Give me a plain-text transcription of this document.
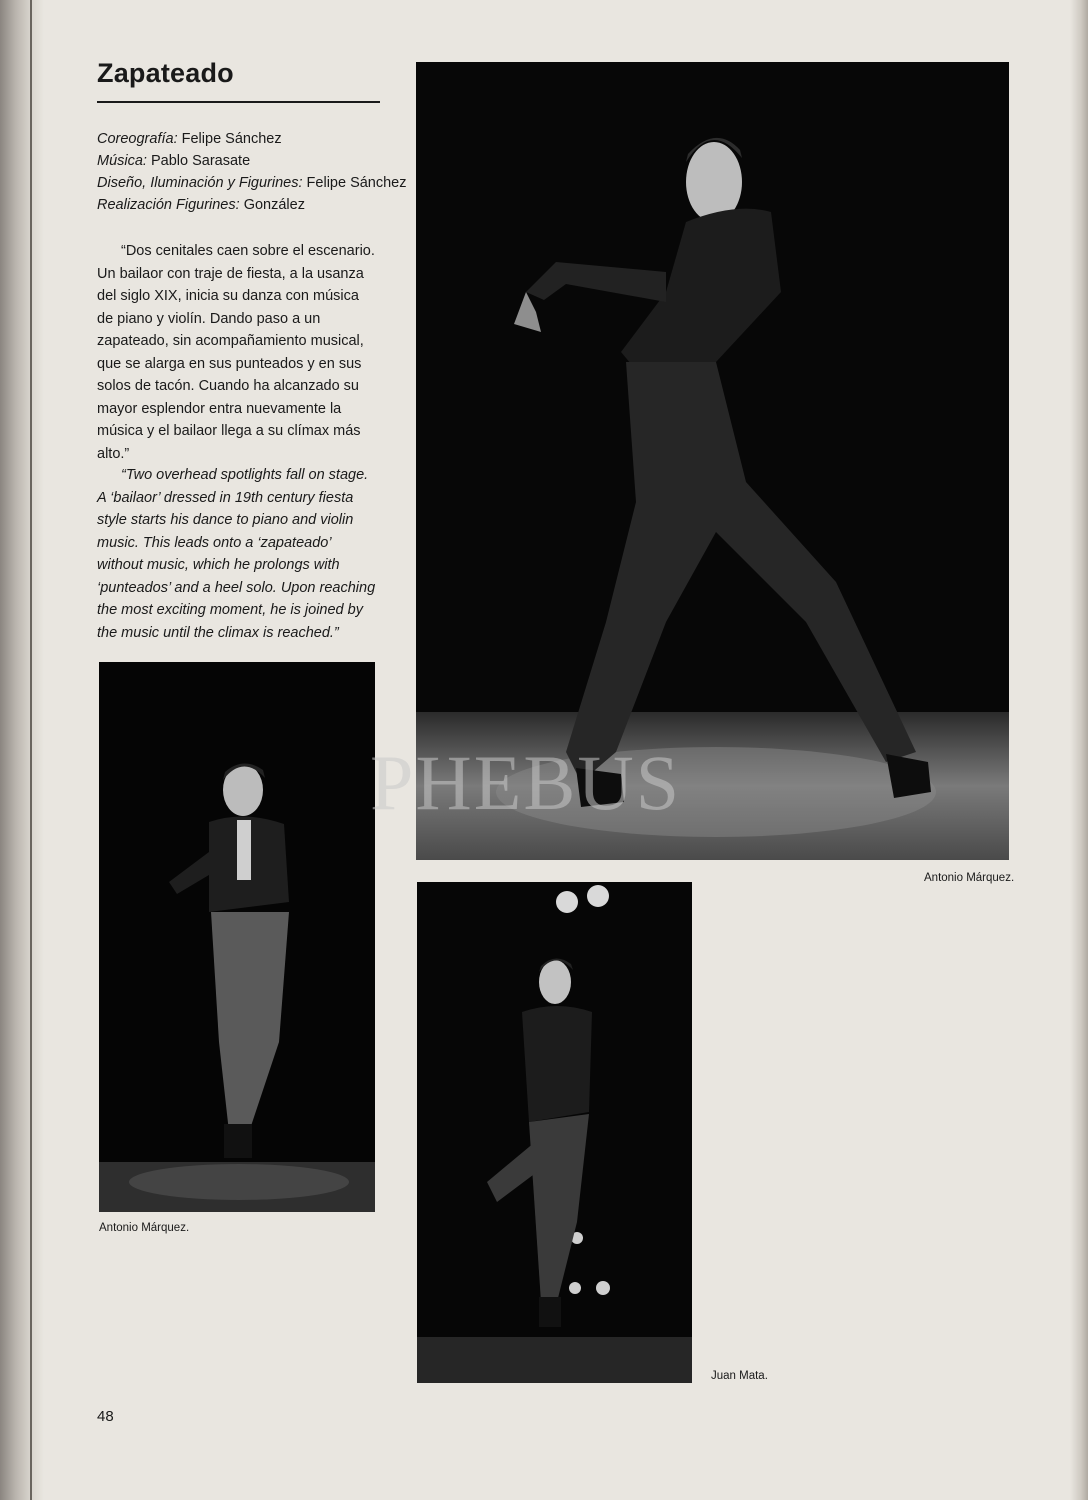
Zapateado
Coreografía: Felipe Sánchez
Música: Pablo Sarasate
Diseño, Iluminación y Figurines: Felipe Sánchez
Realización Figurines: González

“Dos cenitales caen sobre el escenario. Un bailaor con traje de fiesta, a la usanza del siglo XIX, inicia su danza con música de piano y violín. Dando paso a un zapateado, sin acompañamiento musical, que se alarga en sus punteados y en sus solos de tacón. Cuando ha alcanzado su mayor esplendor entra nuevamente la música y el bailaor llega a su clímax más alto.”

“Two overhead spotlights fall on stage. A ‘bailaor’ dressed in 19th century fiesta style starts his dance to piano and violin music. This leads onto a ‘zapateado’ without music, which he prolongs with ‘punteados’ and a heel solo. Upon reaching the most exciting moment, he is joined by the music until the climax is reached.”

Antonio Márquez.
Antonio Márquez.
Juan Mata.
PHEBUS
48
